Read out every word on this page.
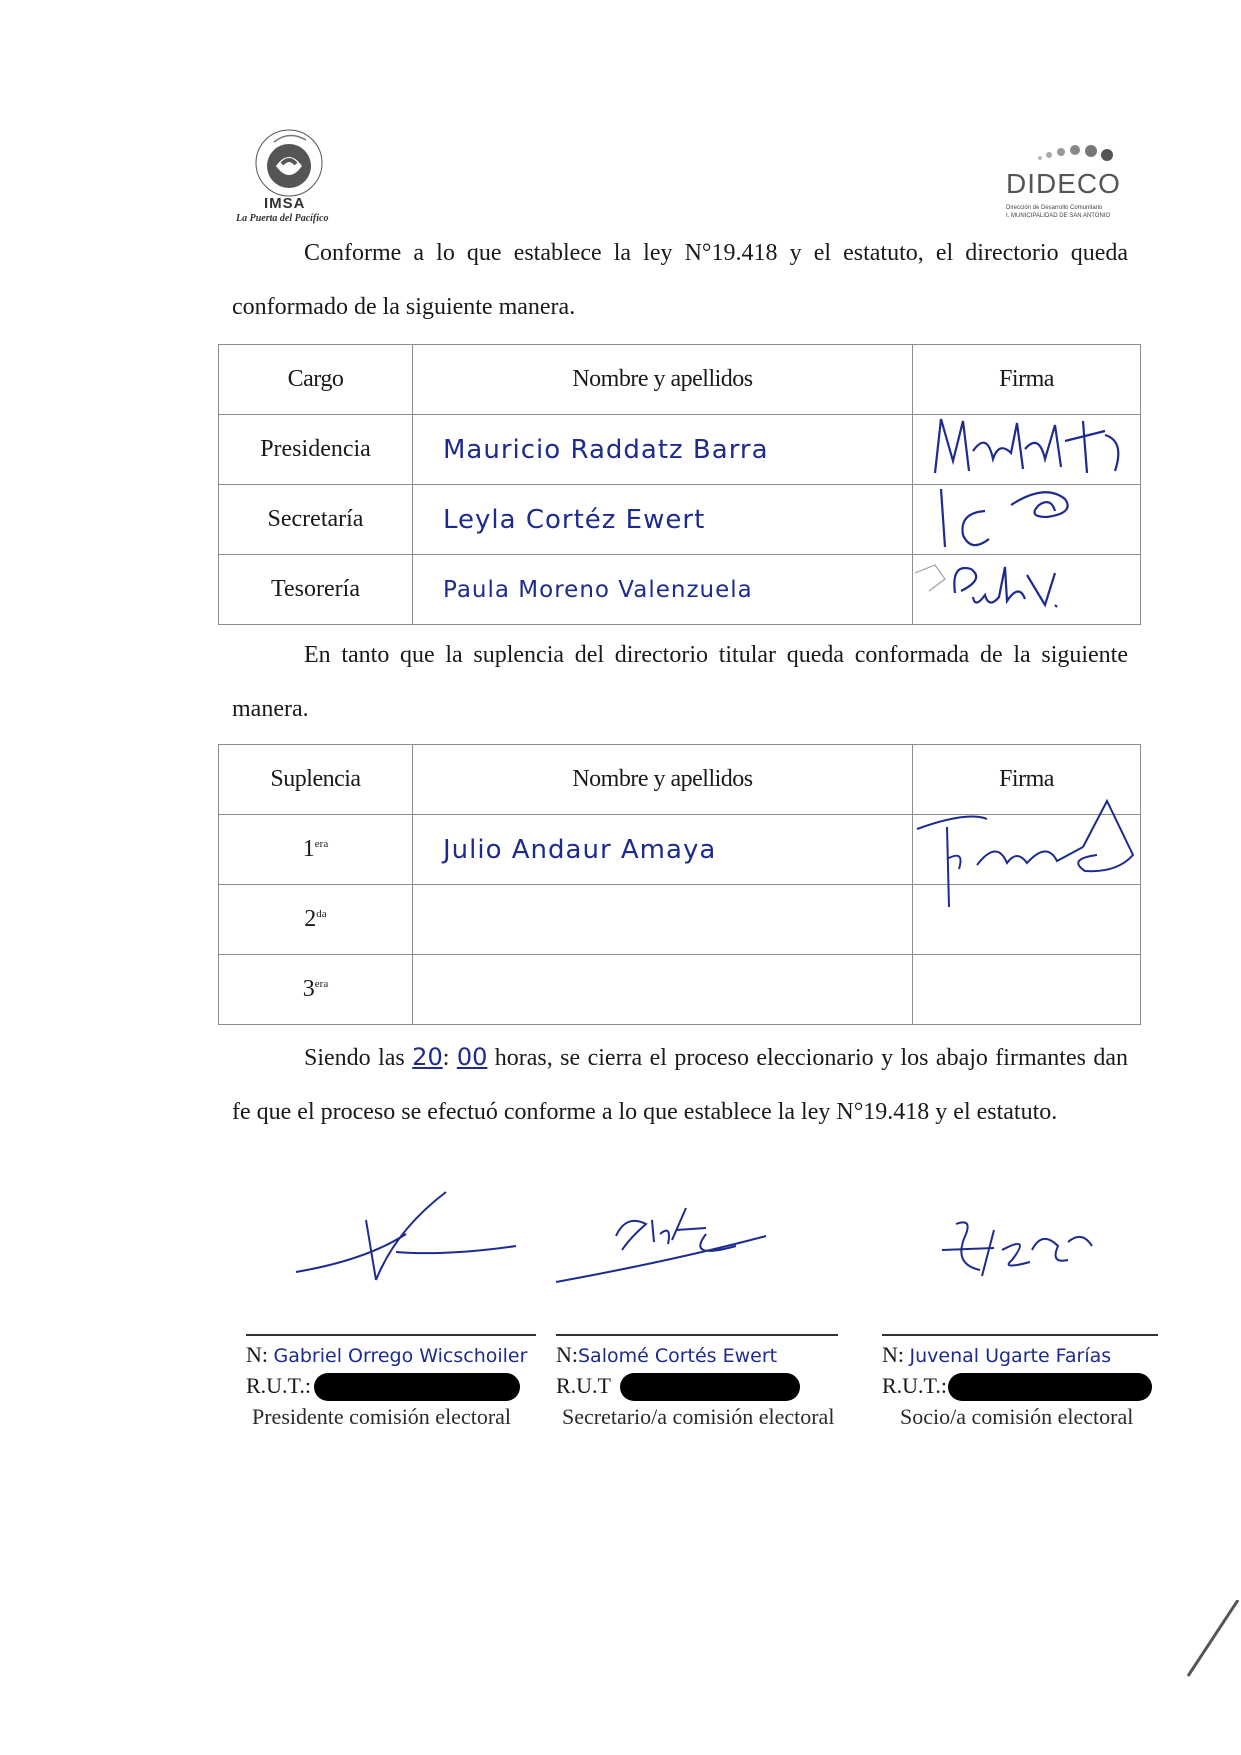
IMSA
La Puerta del Pacífico
DIDECO
Dirección de Desarrollo Comunitario
I. MUNICIPALIDAD DE SAN ANTONIO

Conforme a lo que establece la ley N°19.418 y el estatuto, el directorio queda conformado de la siguiente manera.

Cargo	Nombre y apellidos	Firma
Presidencia	Mauricio Raddatz Barra	

Secretaría	Leyla Cortéz Ewert	

Tesorería	Paula Moreno Valenzuela	

En tanto que la suplencia del directorio titular queda conformada de la siguiente manera.

Suplencia	Nombre y apellidos	Firma
$1^{era}$	Julio Andaur Amaya	

$2^{da}$		
$3^{era}$		

Siendo las 20: 00 horas, se cierra el proceso eleccionario y los abajo firmantes dan fe que el proceso se efectuó conforme a lo que establece la ley N°19.418 y el estatuto.

N: Gabriel Orrego Wicschoiler
R.U.T.:
Presidente comisión electoral
N:Salomé Cortés Ewert
R.U.T
Secretario/a comisión electoral
N: Juvenal Ugarte Farías
R.U.T.:
Socio/a comisión electoral
